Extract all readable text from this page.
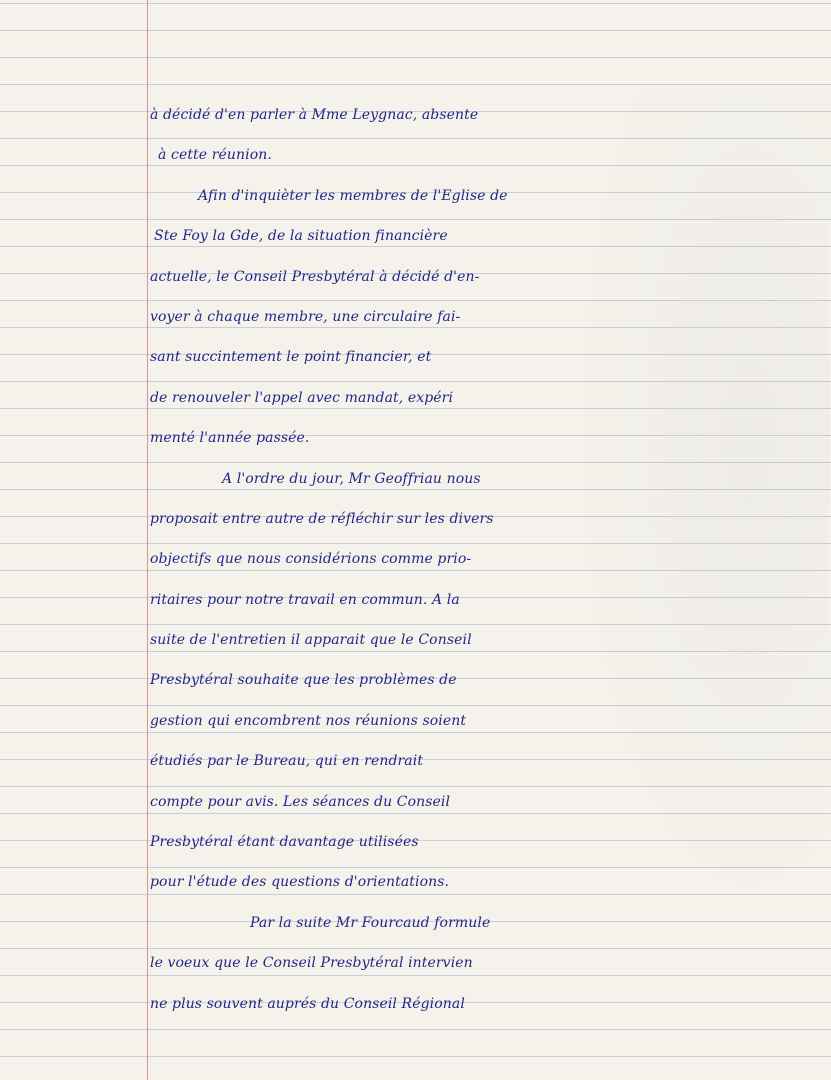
à décidé d'en parler à Mme Leygnac, absente
à cette réunion.
Afin d'inquièter les membres de l'Eglise de
Ste Foy la Gde, de la situation financière
actuelle, le Conseil Presbytéral à décidé d'en-
voyer à chaque membre, une circulaire fai-
sant succintement le point financier, et
de renouveler l'appel avec mandat, expéri
menté l'année passée.
A l'ordre du jour, Mr Geoffriau nous
proposait entre autre de réfléchir sur les divers
objectifs que nous considérions comme prio-
ritaires pour notre travail en commun. A la
suite de l'entretien il apparait que le Conseil
Presbytéral souhaite que les problèmes de
gestion qui encombrent nos réunions soient
étudiés par le Bureau, qui en rendrait
compte pour avis. Les séances du Conseil
Presbytéral étant davantage utilisées
pour l'étude des questions d'orientations.
Par la suite Mr Fourcaud formule
le voeux que le Conseil Presbytéral intervien
ne plus souvent auprés du Conseil Régional
